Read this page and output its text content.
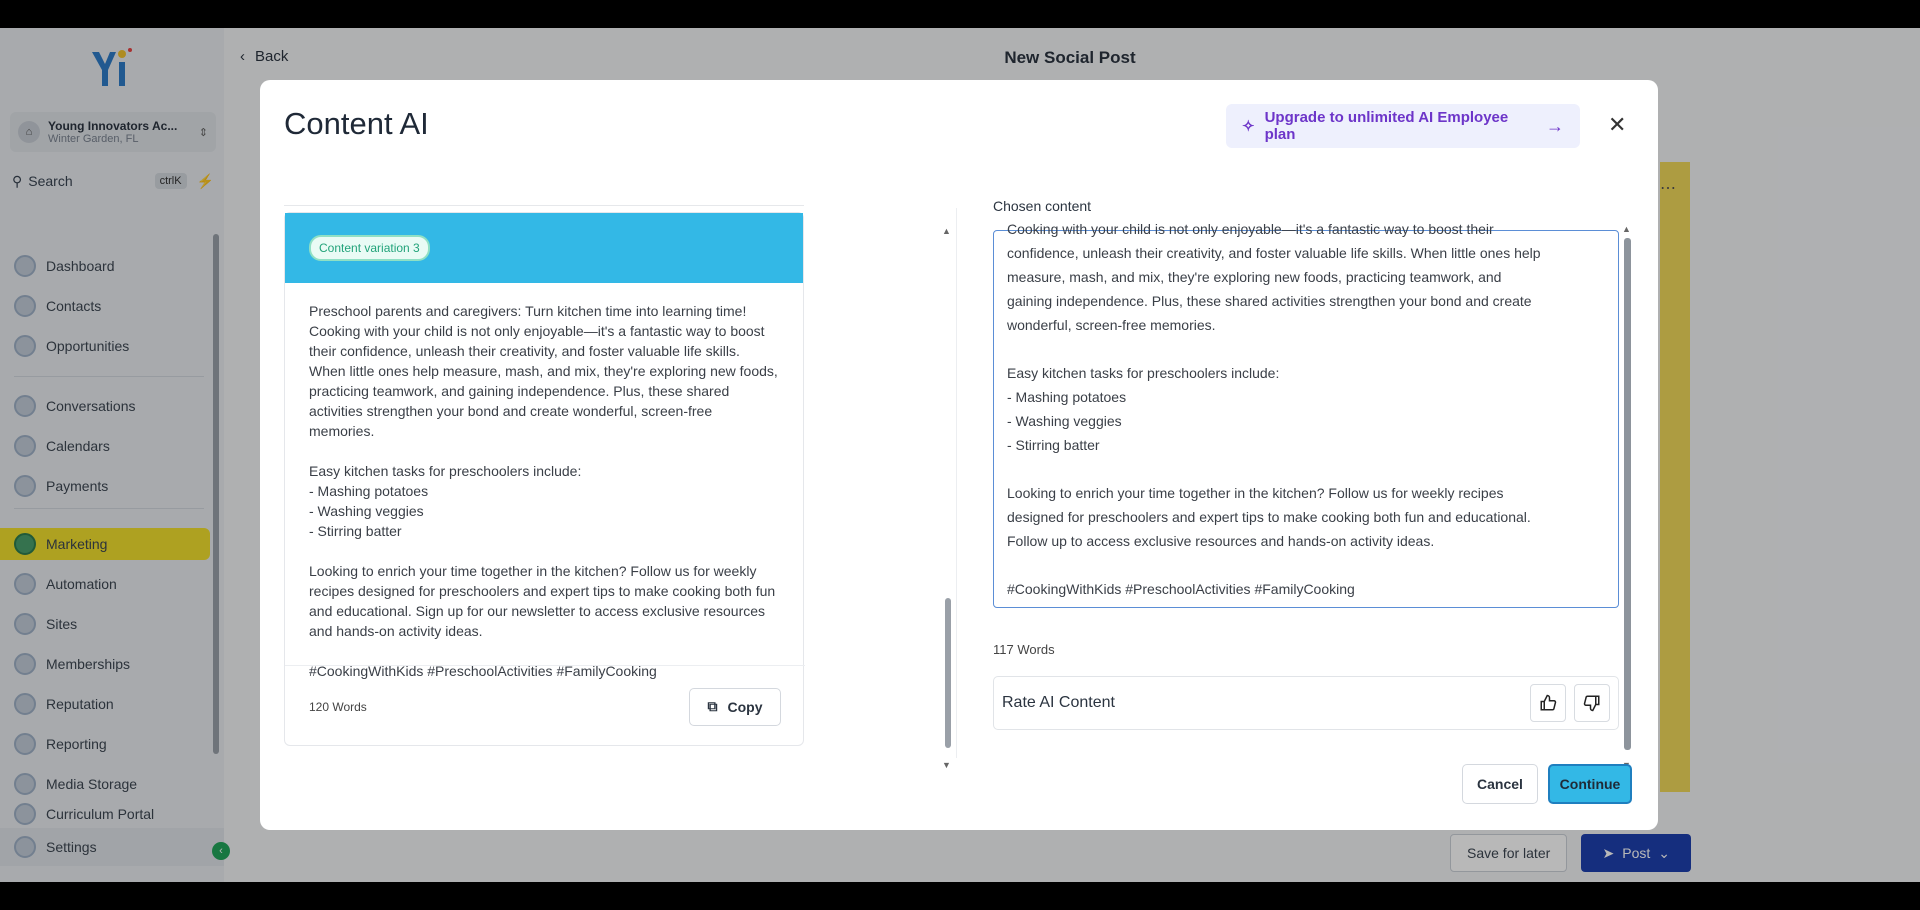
⌂	Young Innovators Ac...
Winter Garden, FL	⇕
⚲ Search	ctrlK	⚡
Dashboard
Contacts
Opportunities
Conversations
Calendars
Payments
Marketing
Automation
Sites
Memberships
Reputation
Reporting
Media Storage
Curriculum Portal
Settings	‹
‹ Back	New Social Post
⋯
Save for later	➤ Post ⌄
Content AI	✧
Upgrade to unlimited AI Employee plan	→ ✕
Content variation 3
Preschool parents and caregivers: Turn kitchen time into learning time! Cooking with your child is not only enjoyable—it's a fantastic way to boost their confidence, unleash their creativity, and foster valuable life skills. When little ones help measure, mash, and mix, they're exploring new foods, practicing teamwork, and gaining independence. Plus, these shared activities strengthen your bond and create wonderful, screen-free memories.

Easy kitchen tasks for preschoolers include:
- Mashing potatoes
- Washing veggies
- Stirring batter

Looking to enrich your time together in the kitchen? Follow us for weekly recipes designed for preschoolers and expert tips to make cooking both fun and educational. Sign up for our newsletter to access exclusive resources and hands-on activity ideas.

#CookingWithKids #PreschoolActivities #FamilyCooking
120 Words	⧉ Copy
▲
▼
Chosen content
Cooking with your child is not only enjoyable—it's a fantastic way to boost their
confidence, unleash their creativity, and foster valuable life skills. When little ones help
measure, mash, and mix, they're exploring new foods, practicing teamwork, and
gaining independence. Plus, these shared activities strengthen your bond and create
wonderful, screen-free memories.

Easy kitchen tasks for preschoolers include:
- Mashing potatoes
- Washing veggies
- Stirring batter

Looking to enrich your time together in the kitchen? Follow us for weekly recipes
designed for preschoolers and expert tips to make cooking both fun and educational.
Follow up to access exclusive resources and hands-on activity ideas.

#CookingWithKids #PreschoolActivities #FamilyCooking
117 Words
Rate AI Content
▲
Cancel	Continue
